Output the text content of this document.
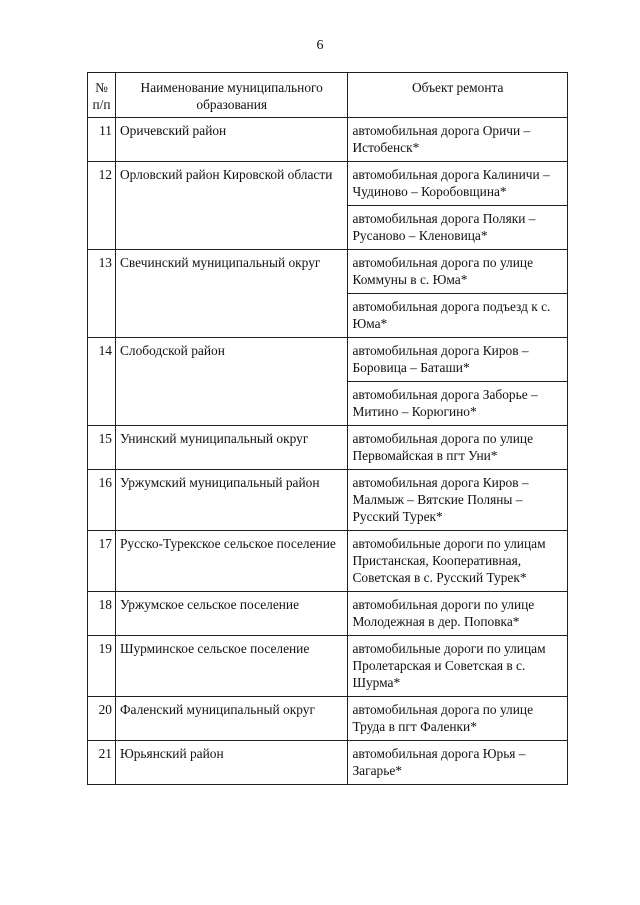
6
№ п/п	Наименование муниципального образования	Объект ремонта
11	Оричевский район	автомобильная дорога Оричи – Истобенск*
12	Орловский район Кировской области	автомобильная дорога Калиничи – Чудиново – Коробовщина*
		автомобильная дорога Поляки – Русаново – Кленовица*
13	Свечинский муниципальный округ	автомобильная дорога по улице Коммуны в с. Юма*
		автомобильная дорога подъезд к с. Юма*
14	Слободской район	автомобильная дорога Киров – Боровица – Баташи*
		автомобильная дорога Заборье – Митино – Корюгино*
15	Унинский муниципальный округ	автомобильная дорога по улице Первомайская в пгт Уни*
16	Уржумский муниципальный район	автомобильная дорога Киров – Малмыж – Вятские Поляны – Русский Турек*
17	Русско-Турекское сельское поселение	автомобильные дороги по улицам Пристанская, Кооперативная, Советская в с. Русский Турек*
18	Уржумское сельское поселение	автомобильная дороги по улице Молодежная в дер. Поповка*
19	Шурминское сельское поселение	автомобильные дороги по улицам Пролетарская и Советская в с. Шурма*
20	Фаленский муниципальный округ	автомобильная дорога по улице Труда в пгт Фаленки*
21	Юрьянский район	автомобильная дорога Юрья – Загарье*
